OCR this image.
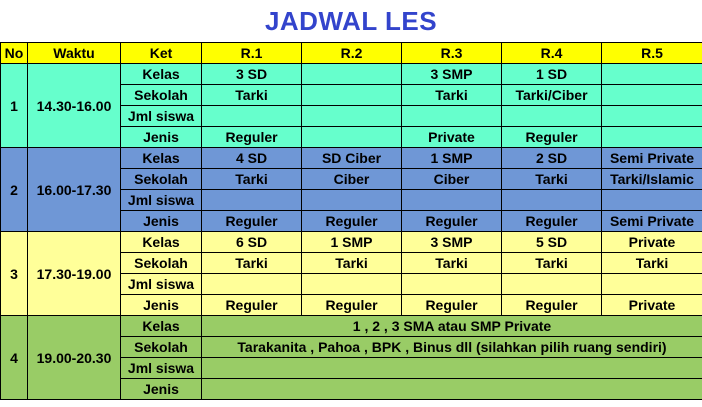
JADWAL LES
No	Waktu	Ket	R.1	R.2	R.3	R.4	R.5
1	14.30-16.00	Kelas	3 SD		3 SMP	1 SD	
		Sekolah	Tarki		Tarki	Tarki/Ciber	
		Jml siswa					
		Jenis	Reguler		Private	Reguler	
2	16.00-17.30	Kelas	4 SD	SD Ciber	1 SMP	2 SD	Semi Private
		Sekolah	Tarki	Ciber	Ciber	Tarki	Tarki/Islamic
		Jml siswa					
		Jenis	Reguler	Reguler	Reguler	Reguler	Semi Private
3	17.30-19.00	Kelas	6 SD	1 SMP	3 SMP	5 SD	Private
		Sekolah	Tarki	Tarki	Tarki	Tarki	Tarki
		Jml siswa					
		Jenis	Reguler	Reguler	Reguler	Reguler	Private
4	19.00-20.30	Kelas	1 , 2 , 3 SMA atau SMP Private				
		Sekolah	Tarakanita , Pahoa , BPK , Binus dll (silahkan pilih ruang sendiri)				
		Jml siswa					
		Jenis					
